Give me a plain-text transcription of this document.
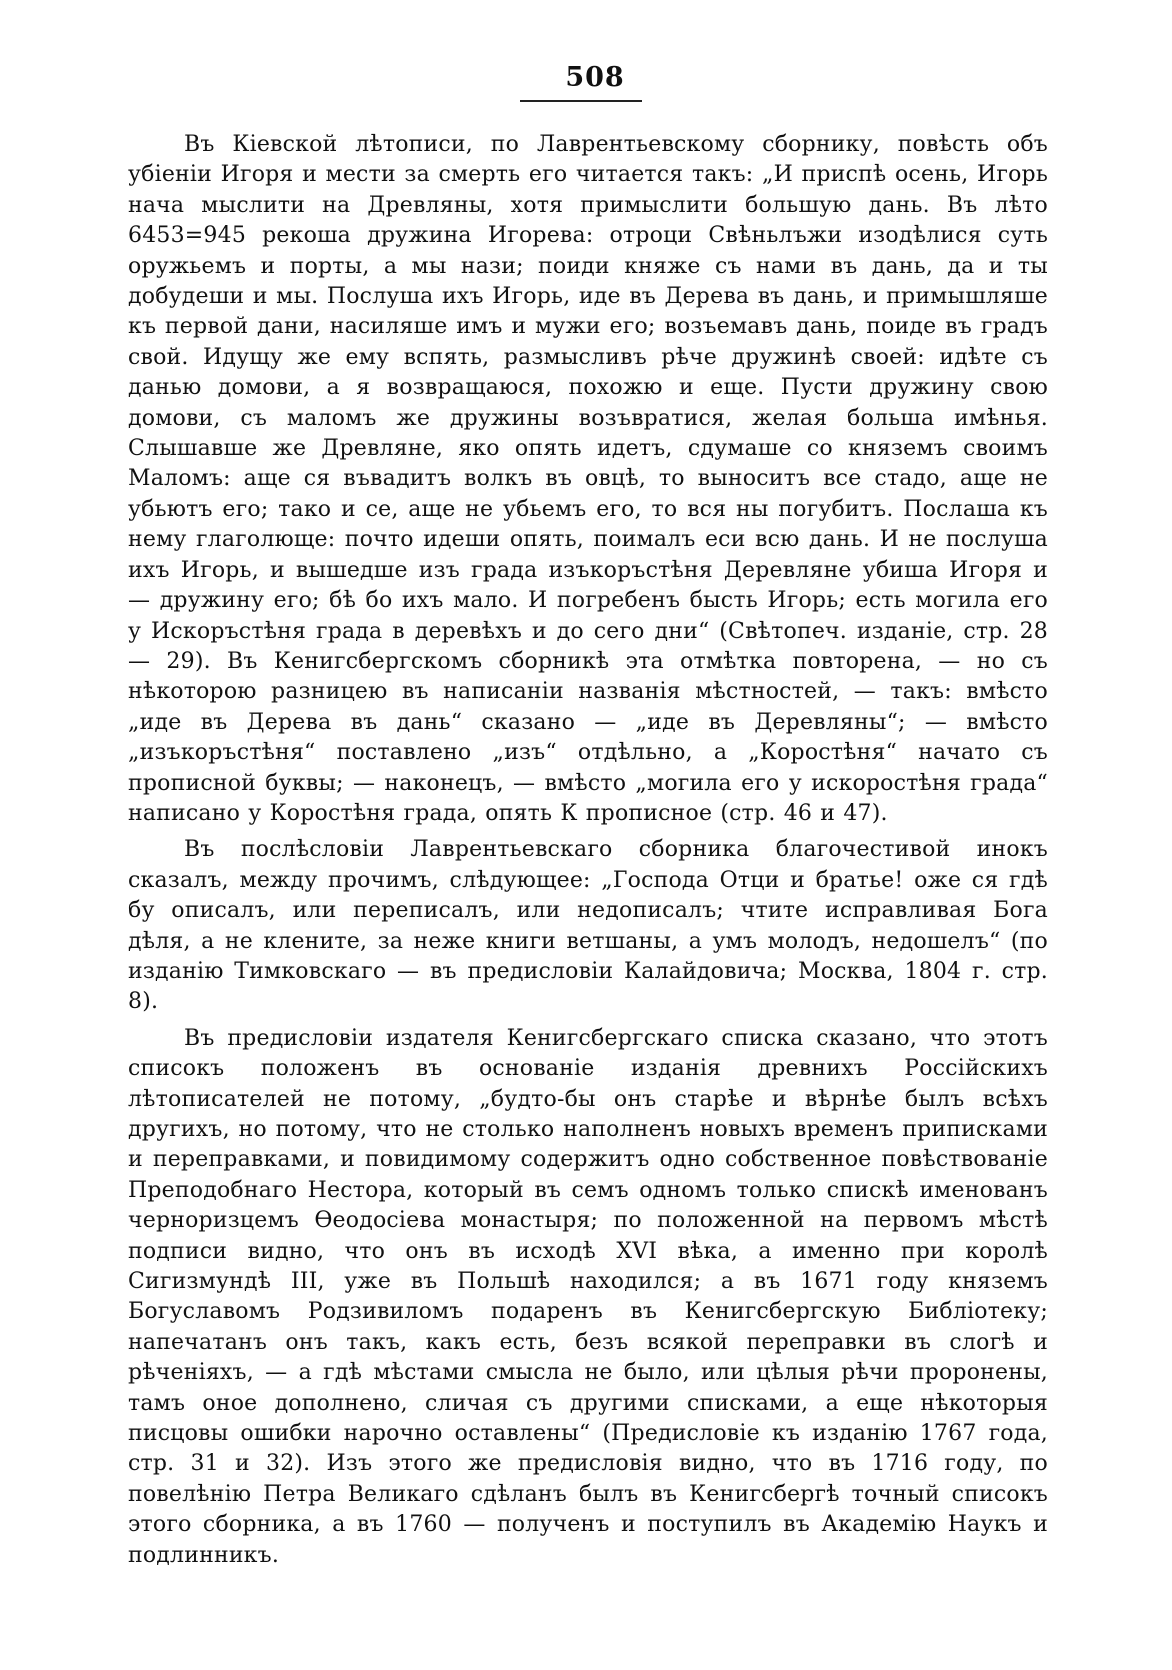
508

Въ Кіевской лѣтописи, по Лаврентьевскому сборнику, повѣсть объ убіеніи Игоря и мести за смерть его читается такъ: „И приспѣ осень, Игорь нача мыслити на Древляны, хотя примыслити большую дань. Въ лѣто 6453=945 рекоша дружина Игорева: отроци Свѣньлъжи изодѣлися суть оружьемъ и порты, а мы нази; поиди княже съ нами въ дань, да и ты добудеши и мы. Послуша ихъ Игорь, иде въ Дерева въ дань, и примышляше къ первой дани, насиляше имъ и мужи его; возъемавъ дань, поиде въ градъ свой. Идущу же ему вспять, размысливъ рѣче дружинѣ своей: идѣте съ данью домови, а я возвращаюся, похожю и еще. Пусти дружину свою домови, съ маломъ же дружины возъвратися, желая больша имѣнья. Слышавше же Древляне, яко опять идетъ, сдумаше со княземъ своимъ Маломъ: аще ся въвадитъ волкъ въ овцѣ, то выноситъ все стадо, аще не убьютъ его; тако и се, аще не убьемъ его, то вся ны погубитъ. Послаша къ нему глаголюще: почто идеши опять, поималъ еси всю дань. И не послуша ихъ Игорь, и вышедше изъ града изъкоръстѣня Деревляне убиша Игоря и — дружину его; бѣ бо ихъ мало. И погребенъ бысть Игорь; есть могила его у Искоръстѣня града в деревѣхъ и до сего дни“ (Свѣтопеч. изданіе, стр. 28 — 29). Въ Кенигсбергскомъ сборникѣ эта отмѣтка повторена, — но съ нѣкоторою разницею въ написаніи названія мѣстностей, — такъ: вмѣсто „иде въ Дерева въ дань“ сказано — „иде въ Деревляны“; — вмѣсто „изъкоръстѣня“ поставлено „изъ“ отдѣльно, а „Коростѣня“ начато съ прописной буквы; — наконецъ, — вмѣсто „могила его у искоростѣня града“ написано у Коростѣня града, опять К прописное (стр. 46 и 47).

Въ послѣсловіи Лаврентьевскаго сборника благочестивой инокъ сказалъ, между прочимъ, слѣдующее: „Господа Отци и братье! оже ся гдѣ бу описалъ, или переписалъ, или недописалъ; чтите исправливая Бога дѣля, а не клените, за неже книги ветшаны, а умъ молодъ, недошелъ“ (по изданію Тимковскаго — въ предисловіи Калайдовича; Москва, 1804 г. стр. 8).

Въ предисловіи издателя Кенигсбергскаго списка сказано, что этотъ списокъ положенъ въ основаніе изданія древнихъ Россійскихъ лѣтописателей не потому, „будто-бы онъ старѣе и вѣрнѣе былъ всѣхъ другихъ, но потому, что не столько наполненъ новыхъ временъ приписками и переправками, и повидимому содержитъ одно собственное повѣствованіе Преподобнаго Нестора, который въ семъ одномъ только спискѣ именованъ черноризцемъ Өеодосіева монастыря; по положенной на первомъ мѣстѣ подписи видно, что онъ въ исходѣ XVI вѣка, а именно при королѣ Сигизмундѣ III, уже въ Польшѣ находился; а въ 1671 году княземъ Богуславомъ Родзивиломъ подаренъ въ Кенигсбергскую Библіотеку; напечатанъ онъ такъ, какъ есть, безъ всякой переправки въ слогѣ и рѣченіяхъ, — а гдѣ мѣстами смысла не было, или цѣлыя рѣчи проронены, тамъ оное дополнено, сличая съ другими списками, а еще нѣкоторыя писцовы ошибки нарочно оставлены“ (Предисловіе къ изданію 1767 года, стр. 31 и 32). Изъ этого же предисловія видно, что въ 1716 году, по повелѣнію Петра Великаго сдѣланъ былъ въ Кенигсбергѣ точный списокъ этого сборника, а въ 1760 — полученъ и поступилъ въ Академію Наукъ и подлинникъ.
